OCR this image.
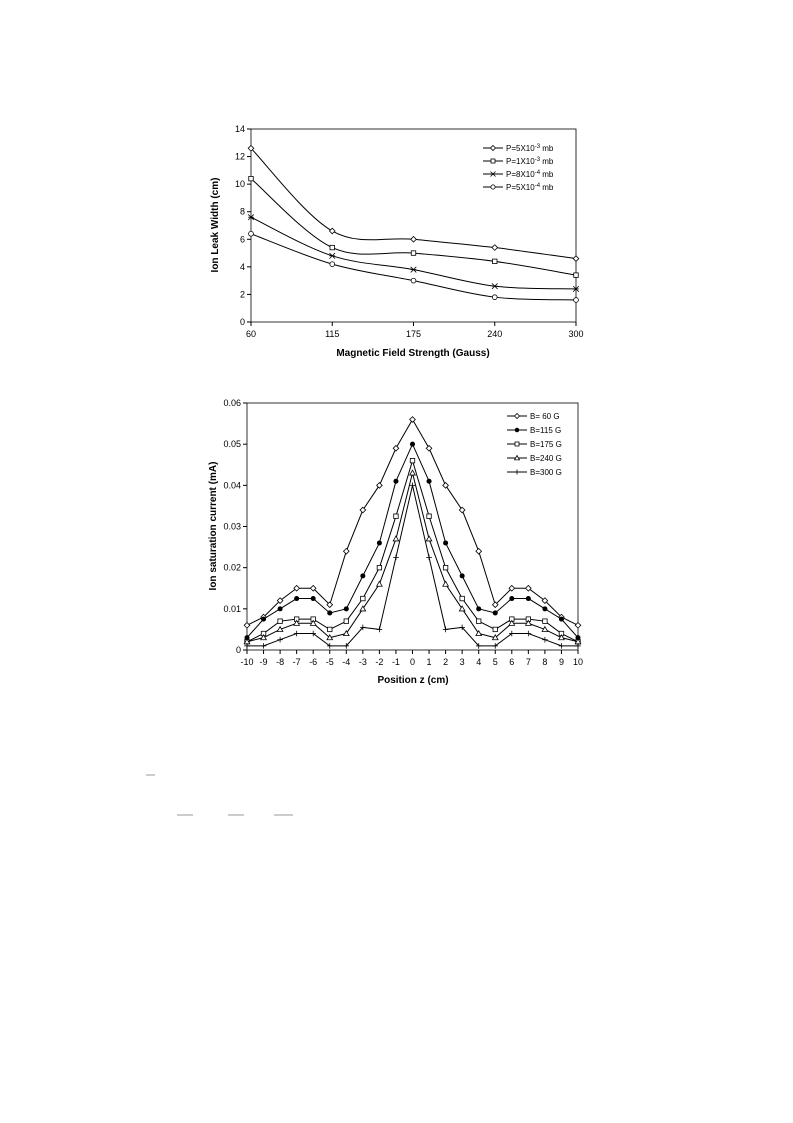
0
2
4
6
8
10
12
14
60	115	175	240	300
Ion Leak Width (cm)
Magnetic Field Strength (Gauss)
$P=5X10^{-3}$ mb
$P=1X10^{-3}$ mb
$P=8X10^{-4}$ mb
$P=5X10^{-4}$ mb
0
0.01
0.02
0.03
0.04
0.05
0.06
-10 -9 -8 -7 -6 -5 -4 -3 -2 -1 0 1 2 3 4 5 6 7 8 9 10
Ion saturation current (mA)
Position z (cm)
B= 60 G
B=115 G
B=175 G
B=240 G
B=300 G
